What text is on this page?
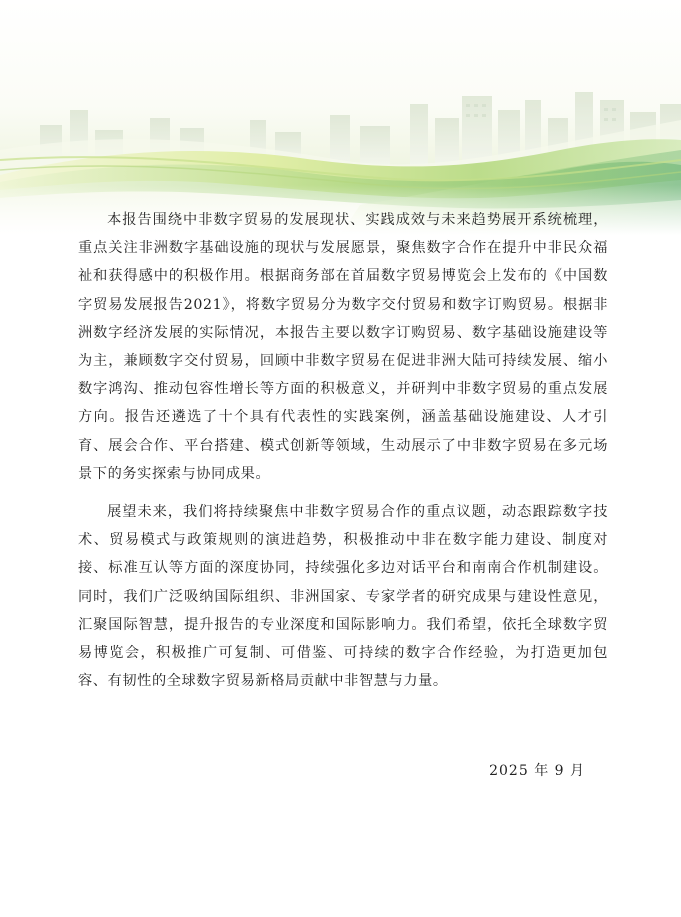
本报告围绕中非数字贸易的发展现状、实践成效与未来趋势展开系统梳理，重点关注非洲数字基础设施的现状与发展愿景，聚焦数字合作在提升中非民众福祉和获得感中的积极作用。根据商务部在首届数字贸易博览会上发布的《中国数字贸易发展报告2021》，将数字贸易分为数字交付贸易和数字订购贸易。根据非洲数字经济发展的实际情况，本报告主要以数字订购贸易、数字基础设施建设等为主，兼顾数字交付贸易，回顾中非数字贸易在促进非洲大陆可持续发展、缩小数字鸿沟、推动包容性增长等方面的积极意义，并研判中非数字贸易的重点发展方向。报告还遴选了十个具有代表性的实践案例，涵盖基础设施建设、人才引育、展会合作、平台搭建、模式创新等领域，生动展示了中非数字贸易在多元场景下的务实探索与协同成果。

展望未来，我们将持续聚焦中非数字贸易合作的重点议题，动态跟踪数字技术、贸易模式与政策规则的演进趋势，积极推动中非在数字能力建设、制度对接、标准互认等方面的深度协同，持续强化多边对话平台和南南合作机制建设。同时，我们广泛吸纳国际组织、非洲国家、专家学者的研究成果与建设性意见，汇聚国际智慧，提升报告的专业深度和国际影响力。我们希望，依托全球数字贸易博览会，积极推广可复制、可借鉴、可持续的数字合作经验，为打造更加包容、有韧性的全球数字贸易新格局贡献中非智慧与力量。

2025 年 9 月
